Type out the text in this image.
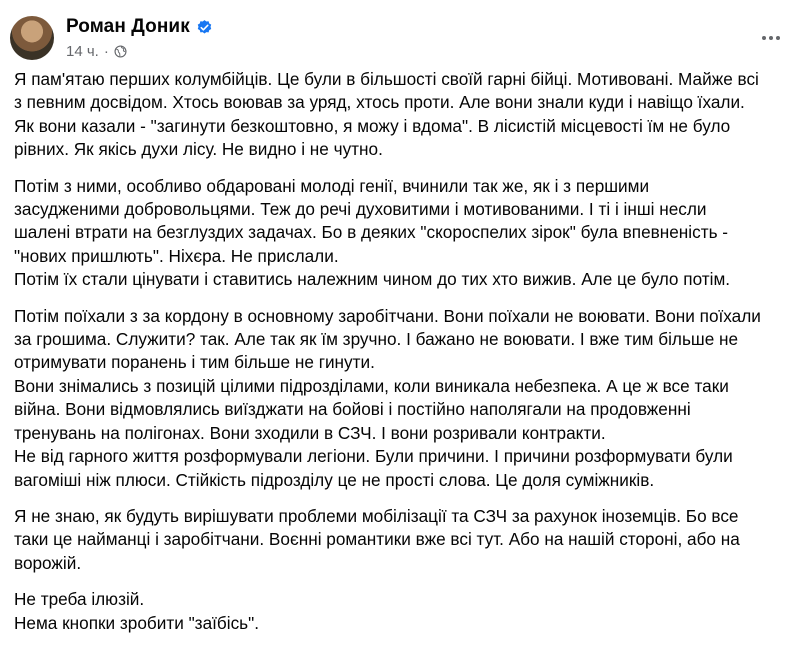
Роман Доник
14 ч. ·
Я пам'ятаю перших колумбійців. Це були в більшості своїй гарні бійці. Мотивовані. Майже всі
з певним досвідом. Хтось воював за уряд, хтось проти. Але вони знали куди і навіщо їхали.
Як вони казали - "загинути безкоштовно, я можу і вдома". В лісистій місцевості їм не було
рівних. Як якісь духи лісу. Не видно і не чутно.
Потім з ними, особливо обдаровані молоді генії, вчинили так же, як і з першими
засудженими добровольцями. Теж до речі духовитими і мотивованими. І ті і інші несли
шалені втрати на безглуздих задачах. Бо в деяких "скороспелих зірок" була впевненість -
"нових пришлють". Ніхєра. Не прислали.
Потім їх стали цінувати і ставитись належним чином до тих хто вижив. Але це було потім.
Потім поїхали з за кордону в основному заробітчани. Вони поїхали не воювати. Вони поїхали
за грошима. Служити? так. Але так як їм зручно. І бажано не воювати. І вже тим більше не
отримувати поранень і тим більше не гинути.
Вони знімались з позицій цілими підрозділами, коли виникала небезпека. А це ж все таки
війна. Вони відмовлялись виїзджати на бойові і постійно наполягали на продовженні
тренувань на полігонах. Вони зходили в СЗЧ. І вони розривали контракти.
Не від гарного життя розформували легіони. Були причини. І причини розформувати були
вагоміші ніж плюси. Стійкість підрозділу це не прості слова. Це доля суміжників.
Я не знаю, як будуть вирішувати проблеми мобілізації та СЗЧ за рахунок іноземців. Бо все
таки це найманці і заробітчани. Воєнні романтики вже всі тут. Або на нашій стороні, або на
ворожій.
Не треба ілюзій.
Нема кнопки зробити "заїбісь".
